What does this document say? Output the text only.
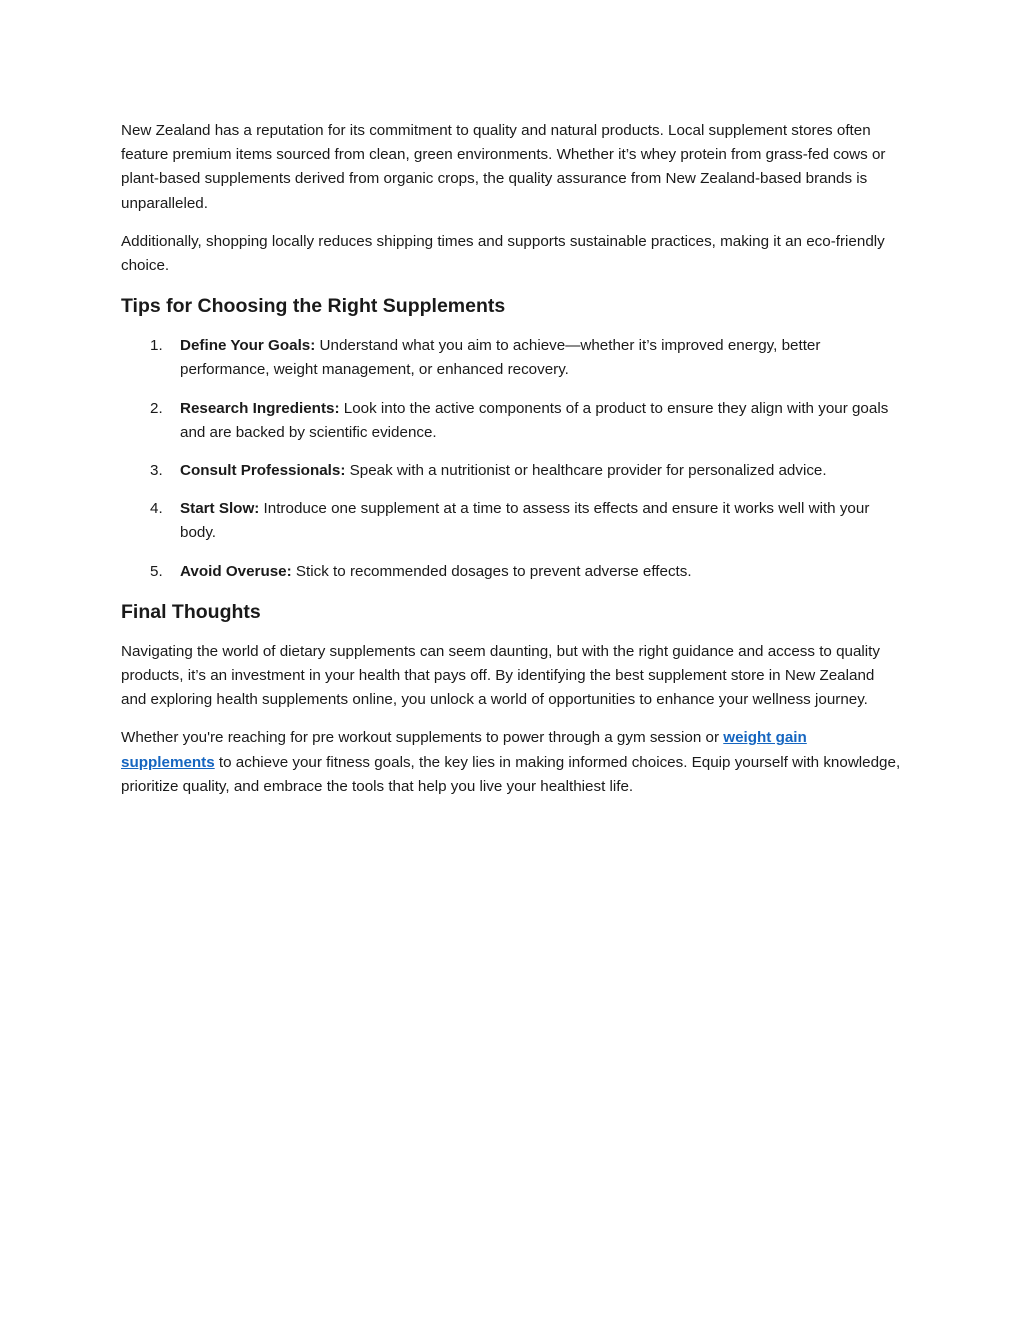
New Zealand has a reputation for its commitment to quality and natural products. Local supplement stores often feature premium items sourced from clean, green environments. Whether it’s whey protein from grass-fed cows or plant-based supplements derived from organic crops, the quality assurance from New Zealand-based brands is unparalleled.

Additionally, shopping locally reduces shipping times and supports sustainable practices, making it an eco-friendly choice.

Tips for Choosing the Right Supplements
1. Define Your Goals: Understand what you aim to achieve—whether it’s improved energy, better performance, weight management, or enhanced recovery.
2. Research Ingredients: Look into the active components of a product to ensure they align with your goals and are backed by scientific evidence.
3. Consult Professionals: Speak with a nutritionist or healthcare provider for personalized advice.
4. Start Slow: Introduce one supplement at a time to assess its effects and ensure it works well with your body.
5. Avoid Overuse: Stick to recommended dosages to prevent adverse effects.
Final Thoughts

Navigating the world of dietary supplements can seem daunting, but with the right guidance and access to quality products, it’s an investment in your health that pays off. By identifying the best supplement store in New Zealand and exploring health supplements online, you unlock a world of opportunities to enhance your wellness journey.

Whether you're reaching for pre workout supplements to power through a gym session or weight gain supplements to achieve your fitness goals, the key lies in making informed choices. Equip yourself with knowledge, prioritize quality, and embrace the tools that help you live your healthiest life.
